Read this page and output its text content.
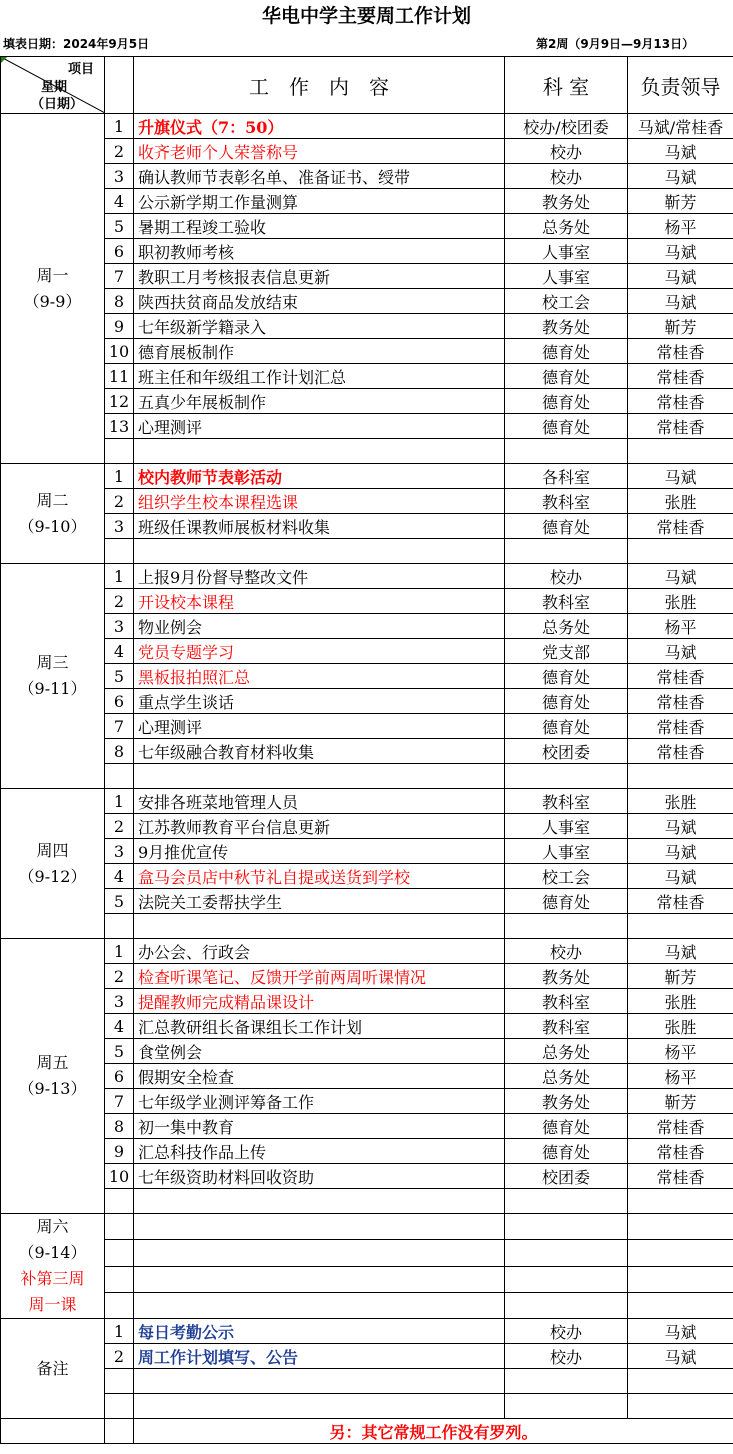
华电中学主要周工作计划
填表日期：2024年9月5日	第2周（9月9日—9月13日）
项目
星期
（日期）		工　作　内　容	科 室	负责领导

周一
（9-9）	1	升旗仪式（7：50）	校办/校团委	马斌/常桂香
	2	收齐老师个人荣誉称号	校办	马斌
	3	确认教师节表彰名单、准备证书、绶带	校办	马斌
	4	公示新学期工作量测算	教务处	靳芳
	5	暑期工程竣工验收	总务处	杨平
	6	职初教师考核	人事室	马斌
	7	教职工月考核报表信息更新	人事室	马斌
	8	陕西扶贫商品发放结束	校工会	马斌
	9	七年级新学籍录入	教务处	靳芳
	10	德育展板制作	德育处	常桂香
	11	班主任和年级组工作计划汇总	德育处	常桂香
	12	五真少年展板制作	德育处	常桂香
	13	心理测评	德育处	常桂香

周二
（9-10）	1	校内教师节表彰活动	各科室	马斌
	2	组织学生校本课程选课	教科室	张胜
	3	班级任课教师展板材料收集	德育处	常桂香

周三
（9-11）	1	上报9月份督导整改文件	校办	马斌
	2	开设校本课程	教科室	张胜
	3	物业例会	总务处	杨平
	4	党员专题学习	党支部	马斌
	5	黑板报拍照汇总	德育处	常桂香
	6	重点学生谈话	德育处	常桂香
	7	心理测评	德育处	常桂香
	8	七年级融合教育材料收集	校团委	常桂香

周四
（9-12）	1	安排各班菜地管理人员	教科室	张胜
	2	江苏教师教育平台信息更新	人事室	马斌
	3	9月推优宣传	人事室	马斌
	4	盒马会员店中秋节礼自提或送货到学校	校工会	马斌
	5	法院关工委帮扶学生	德育处	常桂香

周五
（9-13）	1	办公会、行政会	校办	马斌
	2	检查听课笔记、反馈开学前两周听课情况	教务处	靳芳
	3	提醒教师完成精品课设计	教科室	张胜
	4	汇总教研组长备课组长工作计划	教科室	张胜
	5	食堂例会	总务处	杨平
	6	假期安全检查	总务处	杨平
	7	七年级学业测评筹备工作	教务处	靳芳
	8	初一集中教育	德育处	常桂香
	9	汇总科技作品上传	德育处	常桂香
	10	七年级资助材料回收资助	校团委	常桂香

周六
（9-14）
补第三周周一课				

备注	1	每日考勤公示	校办	马斌
	2	周工作计划填写、公告	校办	马斌

		另：其它常规工作没有罗列。		
